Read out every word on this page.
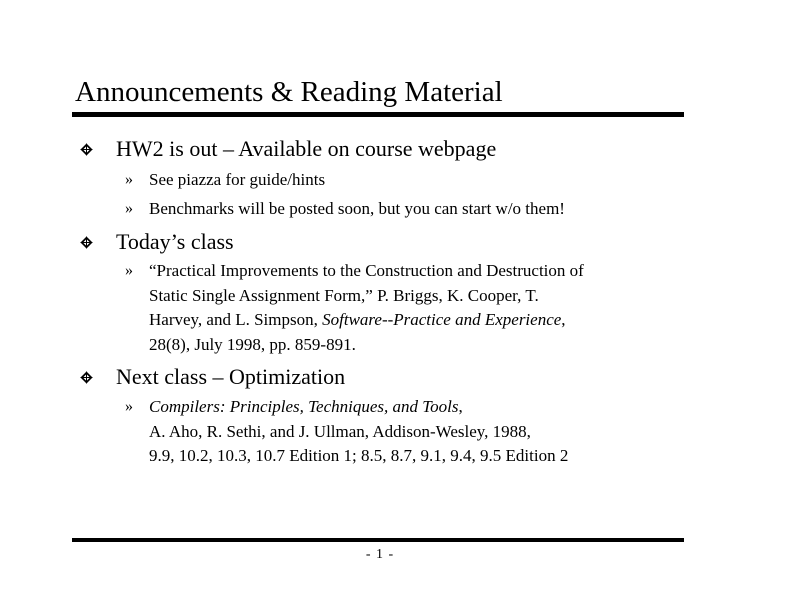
Announcements & Reading Material
HW2 is out – Available on course webpage
» See piazza for guide/hints
» Benchmarks will be posted soon, but you can start w/o them!
Today’s class
» “Practical Improvements to the Construction and Destruction of
Static Single Assignment Form,” P. Briggs, K. Cooper, T.
Harvey, and L. Simpson, Software--Practice and Experience,
28(8), July 1998, pp. 859-891.
Next class – Optimization
» Compilers: Principles, Techniques, and Tools,
A. Aho, R. Sethi, and J. Ullman, Addison-Wesley, 1988,
9.9, 10.2, 10.3, 10.7 Edition 1; 8.5, 8.7, 9.1, 9.4, 9.5 Edition 2
- 1 -
